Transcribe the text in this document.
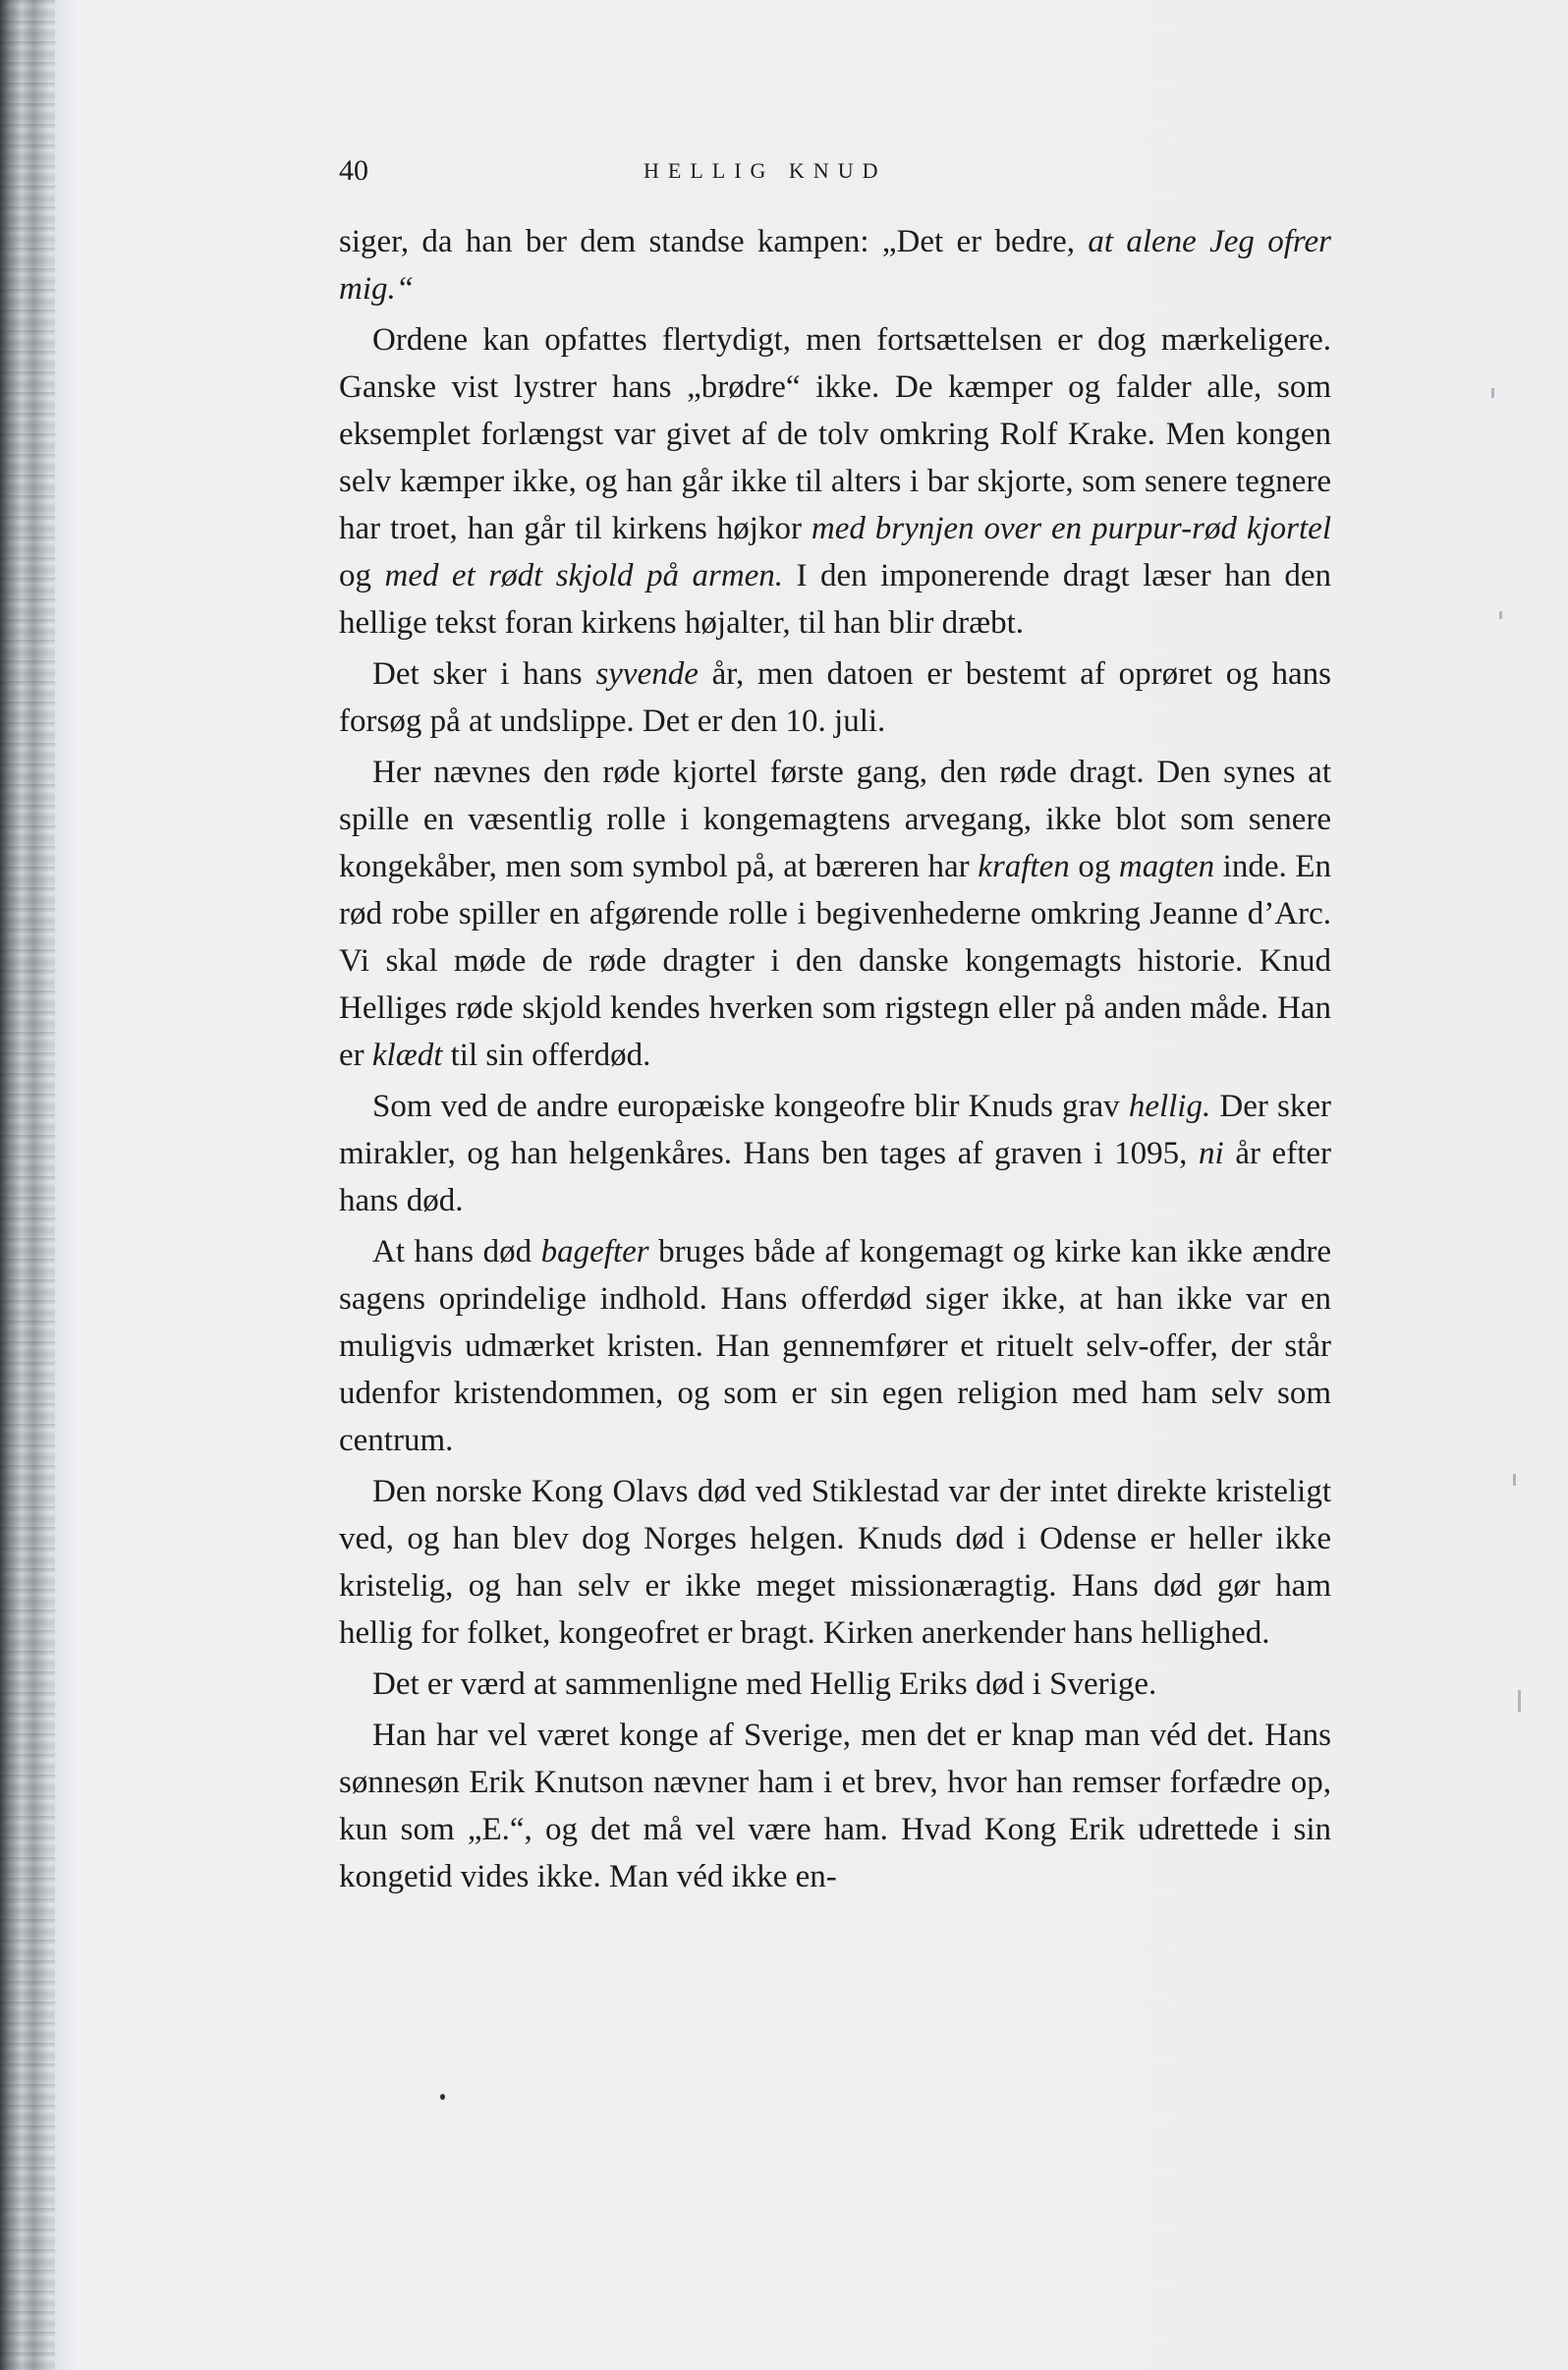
40	HELLIG KNUD

siger, da han ber dem standse kampen: „Det er bedre, at alene Jeg ofrer mig.“

Ordene kan opfattes flertydigt, men fortsættelsen er dog mærkeligere. Ganske vist lystrer hans „brødre“ ikke. De kæmper og falder alle, som eksemplet forlængst var givet af de tolv omkring Rolf Krake. Men kongen selv kæmper ikke, og han går ikke til alters i bar skjorte, som senere tegnere har troet, han går til kirkens højkor med brynjen over en purpur-rød kjortel og med et rødt skjold på armen. I den imponerende dragt læser han den hellige tekst foran kirkens højalter, til han blir dræbt.

Det sker i hans syvende år, men datoen er bestemt af oprøret og hans forsøg på at undslippe. Det er den 10. juli.

Her nævnes den røde kjortel første gang, den røde dragt. Den synes at spille en væsentlig rolle i kongemagtens arvegang, ikke blot som senere kongekåber, men som symbol på, at bæreren har kraften og magten inde. En rød robe spiller en afgørende rolle i begivenhederne omkring Jeanne d’Arc. Vi skal møde de røde dragter i den danske kongemagts historie. Knud Helliges røde skjold kendes hverken som rigstegn eller på anden måde. Han er klædt til sin offerdød.

Som ved de andre europæiske kongeofre blir Knuds grav hellig. Der sker mirakler, og han helgenkåres. Hans ben tages af graven i 1095, ni år efter hans død.

At hans død bagefter bruges både af kongemagt og kirke kan ikke ændre sagens oprindelige indhold. Hans offerdød siger ikke, at han ikke var en muligvis udmærket kristen. Han gennemfører et rituelt selv-offer, der står udenfor kristendommen, og som er sin egen religion med ham selv som centrum.

Den norske Kong Olavs død ved Stiklestad var der intet direkte kristeligt ved, og han blev dog Norges helgen. Knuds død i Odense er heller ikke kristelig, og han selv er ikke meget missionæragtig. Hans død gør ham hellig for folket, kongeofret er bragt. Kirken anerkender hans hellighed.

Det er værd at sammenligne med Hellig Eriks død i Sverige.

Han har vel været konge af Sverige, men det er knap man véd det. Hans sønnesøn Erik Knutson nævner ham i et brev, hvor han remser forfædre op, kun som „E.“, og det må vel være ham. Hvad Kong Erik udrettede i sin kongetid vides ikke. Man véd ikke en-
